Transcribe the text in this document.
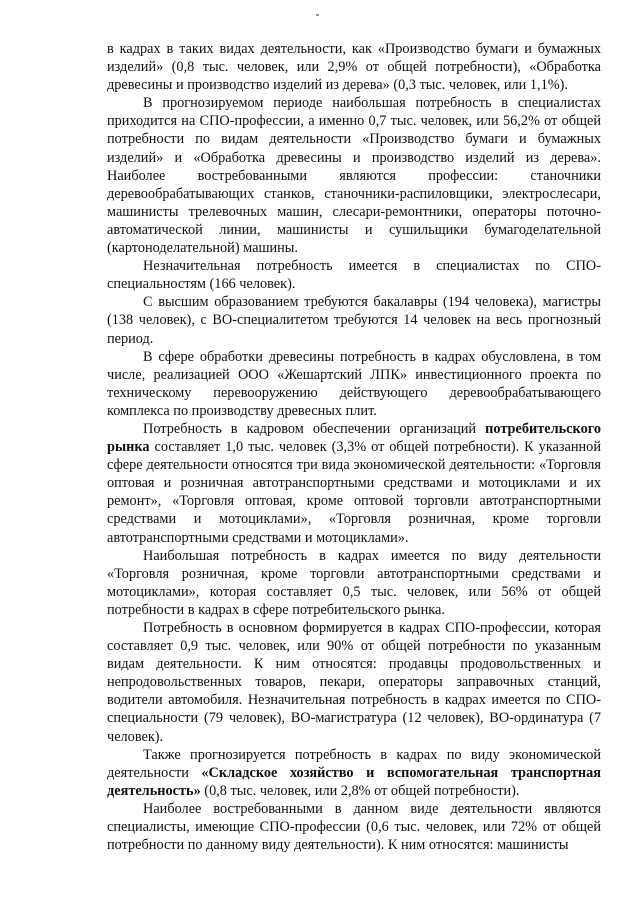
в кадрах в таких видах деятельности, как «Производство бумаги и бумажных изделий» (0,8 тыс. человек, или 2,9% от общей потребности), «Обработка древесины и производство изделий из дерева» (0,3 тыс. человек, или 1,1%).

В прогнозируемом периоде наибольшая потребность в специалистах приходится на СПО-профессии, а именно 0,7 тыс. человек, или 56,2% от общей потребности по видам деятельности «Производство бумаги и бумажных изделий» и «Обработка древесины и производство изделий из дерева». Наиболее востребованными являются профессии: станочники деревообрабатывающих станков, станочники-распиловщики, электрослесари, машинисты трелевочных машин, слесари-ремонтники, операторы поточно-автоматической линии, машинисты и сушильщики бумагоделательной (картоноделательной) машины.

Незначительная потребность имеется в специалистах по СПО-специальностям (166 человек).

С высшим образованием требуются бакалавры (194 человека), магистры (138 человек), с ВО-специалитетом требуются 14 человек на весь прогнозный период.

В сфере обработки древесины потребность в кадрах обусловлена, в том числе, реализацией ООО «Жешартский ЛПК» инвестиционного проекта по техническому перевооружению действующего деревообрабатывающего комплекса по производству древесных плит.

Потребность в кадровом обеспечении организаций потребительского рынка составляет 1,0 тыс. человек (3,3% от общей потребности). К указанной сфере деятельности относятся три вида экономической деятельности: «Торговля оптовая и розничная автотранспортными средствами и мотоциклами и их ремонт», «Торговля оптовая, кроме оптовой торговли автотранспортными средствами и мотоциклами», «Торговля розничная, кроме торговли автотранспортными средствами и мотоциклами».

Наибольшая потребность в кадрах имеется по виду деятельности «Торговля розничная, кроме торговли автотранспортными средствами и мотоциклами», которая составляет 0,5 тыс. человек, или 56% от общей потребности в кадрах в сфере потребительского рынка.

Потребность в основном формируется в кадрах СПО-профессии, которая составляет 0,9 тыс. человек, или 90% от общей потребности по указанным видам деятельности. К ним относятся: продавцы продовольственных и непродовольственных товаров, пекари, операторы заправочных станций, водители автомобиля. Незначительная потребность в кадрах имеется по СПО-специальности (79 человек), ВО-магистратура (12 человек), ВО-ординатура (7 человек).

Также прогнозируется потребность в кадрах по виду экономической деятельности «Складское хозяйство и вспомогательная транспортная деятельность» (0,8 тыс. человек, или 2,8% от общей потребности).

Наиболее востребованными в данном виде деятельности являются специалисты, имеющие СПО-профессии (0,6 тыс. человек, или 72% от общей потребности по данному виду деятельности). К ним относятся: машинисты
